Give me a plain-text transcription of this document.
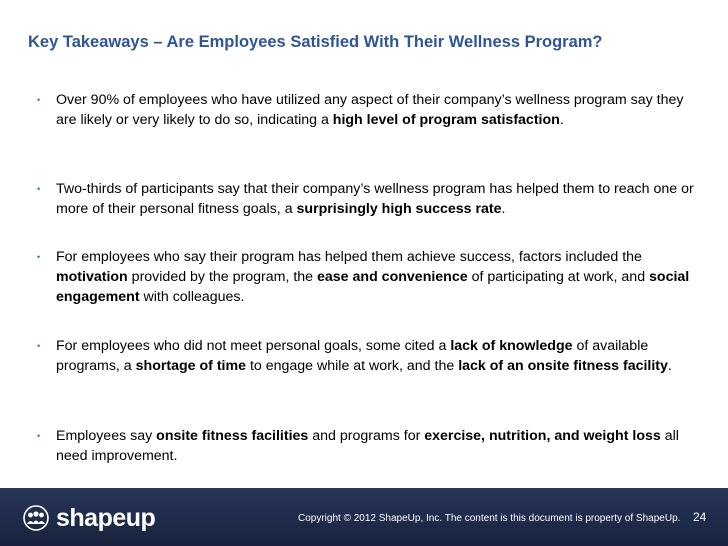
Key Takeaways – Are Employees Satisfied With Their Wellness Program?
• Over 90% of employees who have utilized any aspect of their company’s wellness program say they are likely or very likely to do so, indicating a high level of program satisfaction.
• Two-thirds of participants say that their company’s wellness program has helped them to reach one or more of their personal fitness goals, a surprisingly high success rate.
• For employees who say their program has helped them achieve success, factors included the motivation provided by the program, the ease and convenience of participating at work, and social engagement with colleagues.
• For employees who did not meet personal goals, some cited a lack of knowledge of available programs, a shortage of time to engage while at work, and the lack of an onsite fitness facility.
• Employees say onsite fitness facilities and programs for exercise, nutrition, and weight loss all need improvement.
shapeup	Copyright © 2012 ShapeUp, Inc. The content is this document is property of ShapeUp. 24
